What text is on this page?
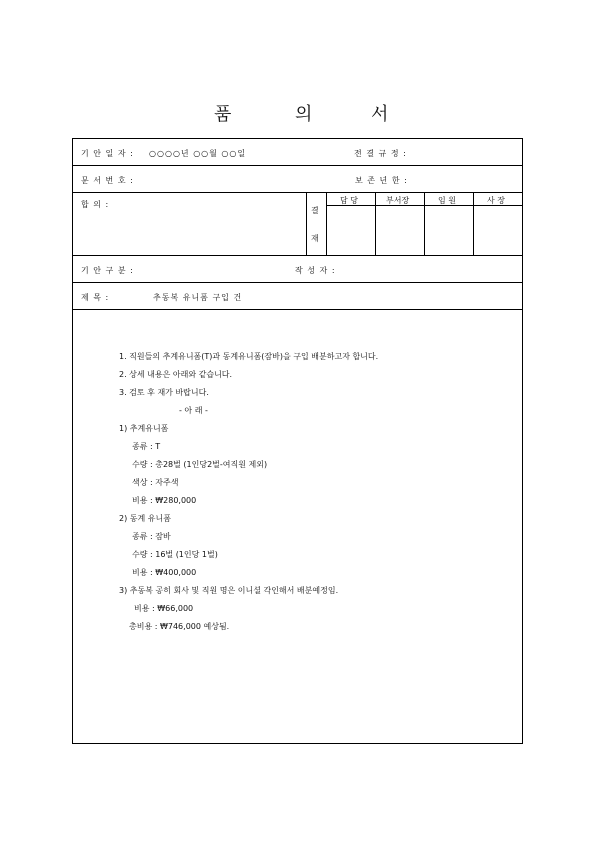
품	의	서
기 안 일 자 : ○○○○년 ○○월 ○○일	전 결 규 정 :
문 서 번 호 :	보 존 년 한 :
합 의 :
결
재
담 당	부서장	임 원	사 장
기 안 구 분 :	작 성 자 :
제 목 :	추동복 유니폼 구입 건
1. 직원들의 추계유니폼(T)과 동계유니폼(잠바)을 구입 배분하고자 합니다.
2. 상세 내용은 아래와 같습니다.
3. 검토 후 재가 바랍니다.
- 아 래 -
1) 추계유니폼
종류 : T
수량 : 총28벌 (1인당2벌-여직원 제외)
색상 : 자주색
비용 : ₩280,000
2) 동계 유니폼
종류 : 잠바
수량 : 16벌 (1인당 1벌)
비용 : ₩400,000
3) 추동복 공히 회사 및 직원 명은 이니셜 각인해서 배분예정임.
비용 : ₩66,000
총비용 : ₩746,000 예상됨.
